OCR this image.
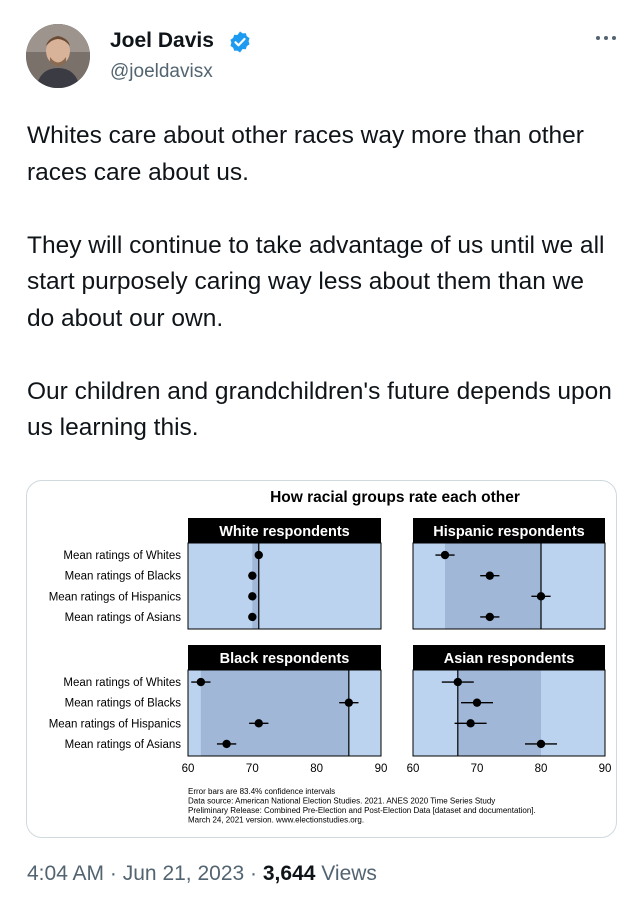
Joel Davis
@joeldavisx

Whites care about other races way more than other races care about us.

They will continue to take advantage of us until we all start purposely caring way less about them than we do about our own.

Our children and grandchildren's future depends upon us learning this.

How racial groups rate each other
White respondents
Mean ratings of Whites
Mean ratings of Blacks
Mean ratings of Hispanics
Mean ratings of Asians
Hispanic respondents
Black respondents
Mean ratings of Whites
Mean ratings of Blacks
Mean ratings of Hispanics
Mean ratings of Asians
60	70	80	90
Asian respondents
60	70	80	90
Error bars are 83.4% confidence intervals
Data source: American National Election Studies. 2021. ANES 2020 Time Series Study
Preliminary Release: Combined Pre-Election and Post-Election Data [dataset and documentation].
March 24, 2021 version. www.electionstudies.org.
4:04 AM · Jun 21, 2023 · 3,644 Views
